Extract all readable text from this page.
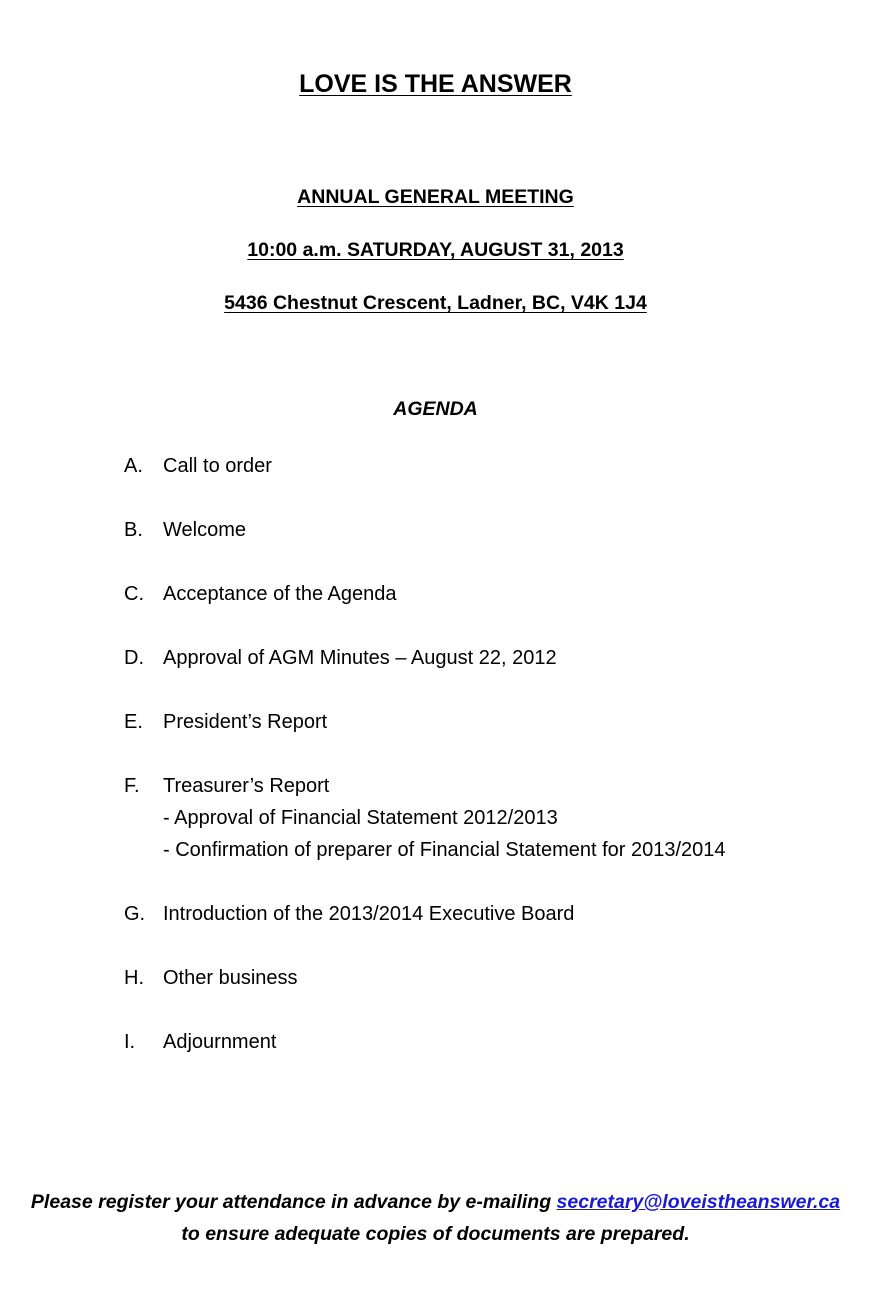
LOVE IS THE ANSWER
ANNUAL GENERAL MEETING
10:00 a.m. SATURDAY, AUGUST 31, 2013
5436 Chestnut Crescent, Ladner, BC, V4K 1J4
AGENDA
A. Call to order
B. Welcome
C. Acceptance of the Agenda
D. Approval of AGM Minutes – August 22, 2012
E. President’s Report
F. Treasurer’s Report
- Approval of Financial Statement 2012/2013
- Confirmation of preparer of Financial Statement for 2013/2014
G. Introduction of the 2013/2014 Executive Board
H. Other business
I. Adjournment
Please register your attendance in advance by e-mailing secretary@loveistheanswer.ca
to ensure adequate copies of documents are prepared.
